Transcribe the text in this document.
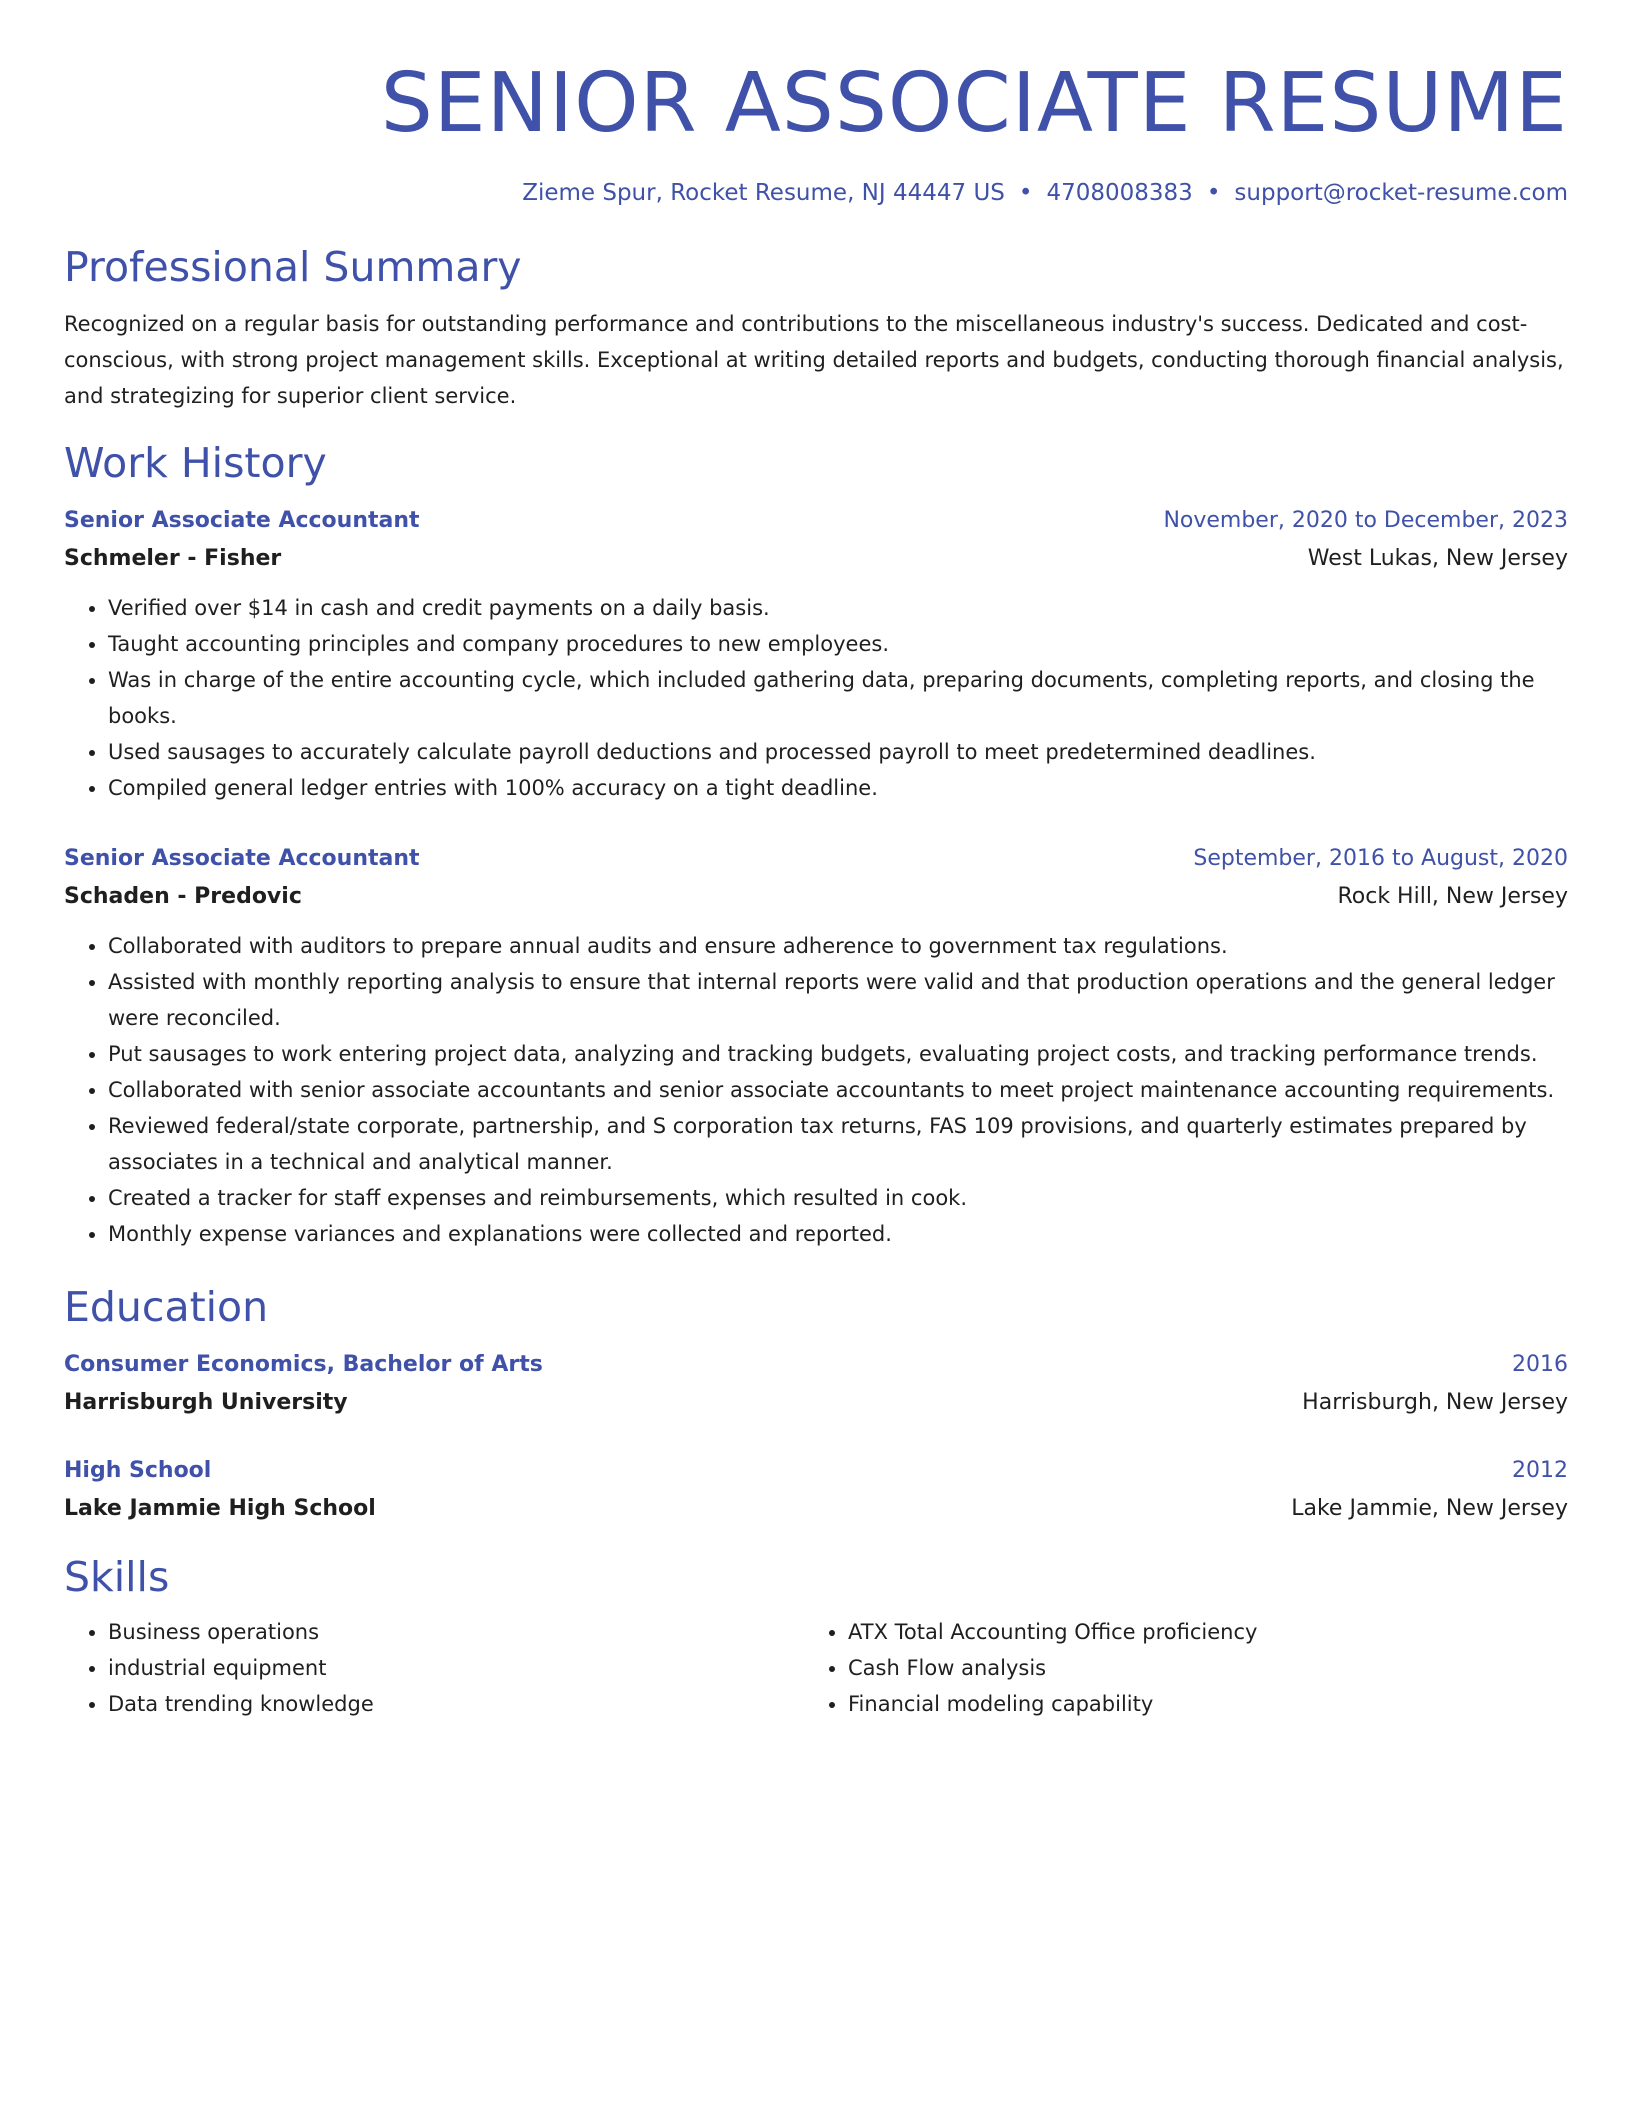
SENIOR ASSOCIATE RESUME
Zieme Spur, Rocket Resume, NJ 44447 US • 4708008383 • support@rocket-resume.com
Professional Summary
Recognized on a regular basis for outstanding performance and contributions to the miscellaneous industry's success. Dedicated and cost-conscious, with strong project management skills. Exceptional at writing detailed reports and budgets, conducting thorough financial analysis, and strategizing for superior client service.
Work History
Senior Associate Accountant	November, 2020 to December, 2023
Schmeler - Fisher	West Lukas, New Jersey
• Verified over $14 in cash and credit payments on a daily basis.
• Taught accounting principles and company procedures to new employees.
• Was in charge of the entire accounting cycle, which included gathering data, preparing documents, completing reports, and closing the books.
• Used sausages to accurately calculate payroll deductions and processed payroll to meet predetermined deadlines.
• Compiled general ledger entries with 100% accuracy on a tight deadline.
Senior Associate Accountant	September, 2016 to August, 2020
Schaden - Predovic	Rock Hill, New Jersey
• Collaborated with auditors to prepare annual audits and ensure adherence to government tax regulations.
• Assisted with monthly reporting analysis to ensure that internal reports were valid and that production operations and the general ledger were reconciled.
• Put sausages to work entering project data, analyzing and tracking budgets, evaluating project costs, and tracking performance trends.
• Collaborated with senior associate accountants and senior associate accountants to meet project maintenance accounting requirements.
• Reviewed federal/state corporate, partnership, and S corporation tax returns, FAS 109 provisions, and quarterly estimates prepared by associates in a technical and analytical manner.
• Created a tracker for staff expenses and reimbursements, which resulted in cook.
• Monthly expense variances and explanations were collected and reported.
Education
Consumer Economics, Bachelor of Arts	2016
Harrisburgh University	Harrisburgh, New Jersey
High School	2012
Lake Jammie High School	Lake Jammie, New Jersey
Skills
• Business operations
• industrial equipment
• Data trending knowledge
• ATX Total Accounting Office proficiency
• Cash Flow analysis
• Financial modeling capability
